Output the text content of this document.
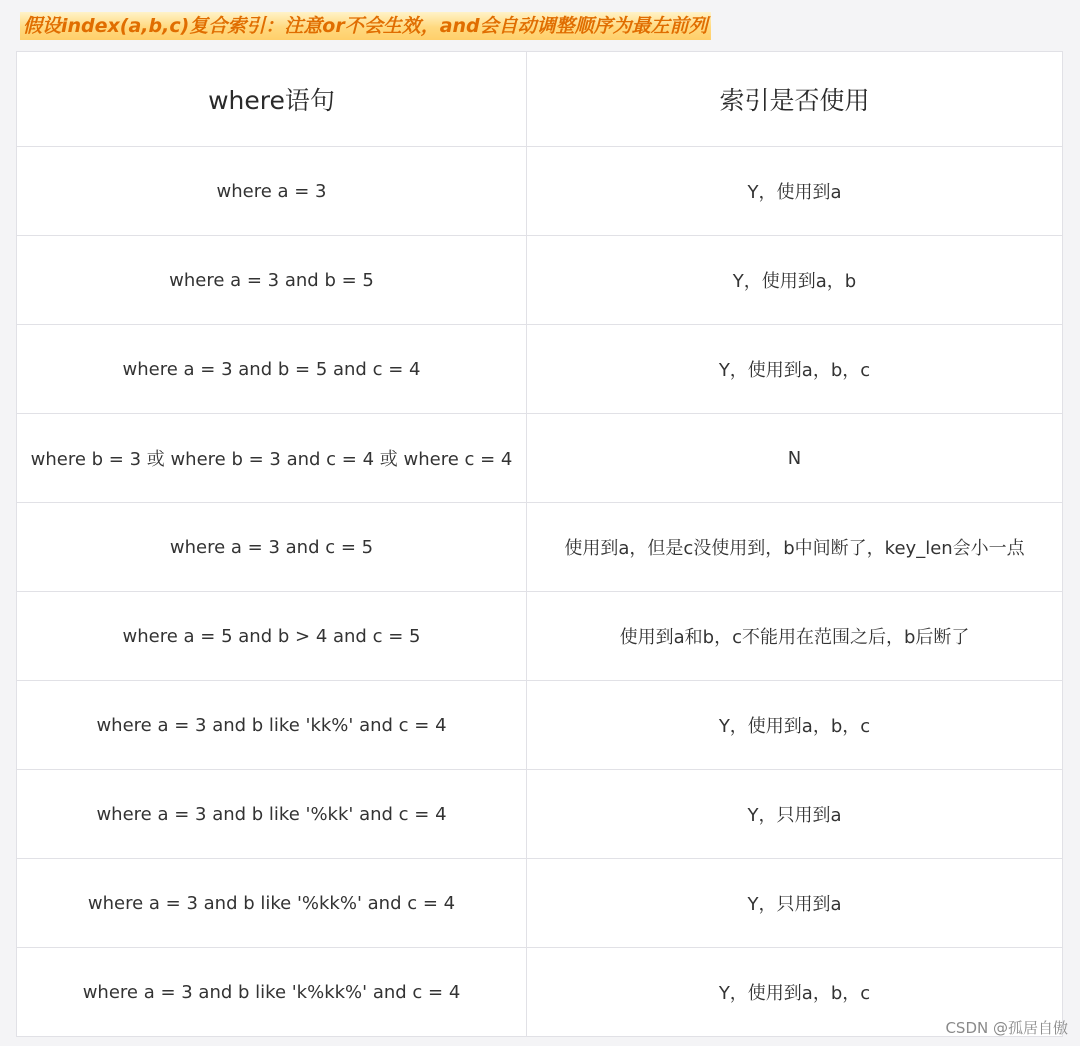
假设index(a,b,c)复合索引：注意or不会生效，and会自动调整顺序为最左前列
where语句	索引是否使用
where a = 3	Y，使用到a
where a = 3 and b = 5	Y，使用到a，b
where a = 3 and b = 5 and c = 4	Y，使用到a，b，c
where b = 3 或 where b = 3 and c = 4 或 where c = 4	N
where a = 3 and c = 5	使用到a，但是c没使用到，b中间断了，key_len会小一点
where a = 5 and b > 4 and c = 5	使用到a和b，c不能用在范围之后，b后断了
where a = 3 and b like 'kk%' and c = 4	Y，使用到a，b，c
where a = 3 and b like '%kk' and c = 4	Y，只用到a
where a = 3 and b like '%kk%' and c = 4	Y，只用到a
where a = 3 and b like 'k%kk%' and c = 4	Y，使用到a，b，c
CSDN @孤居自傲
